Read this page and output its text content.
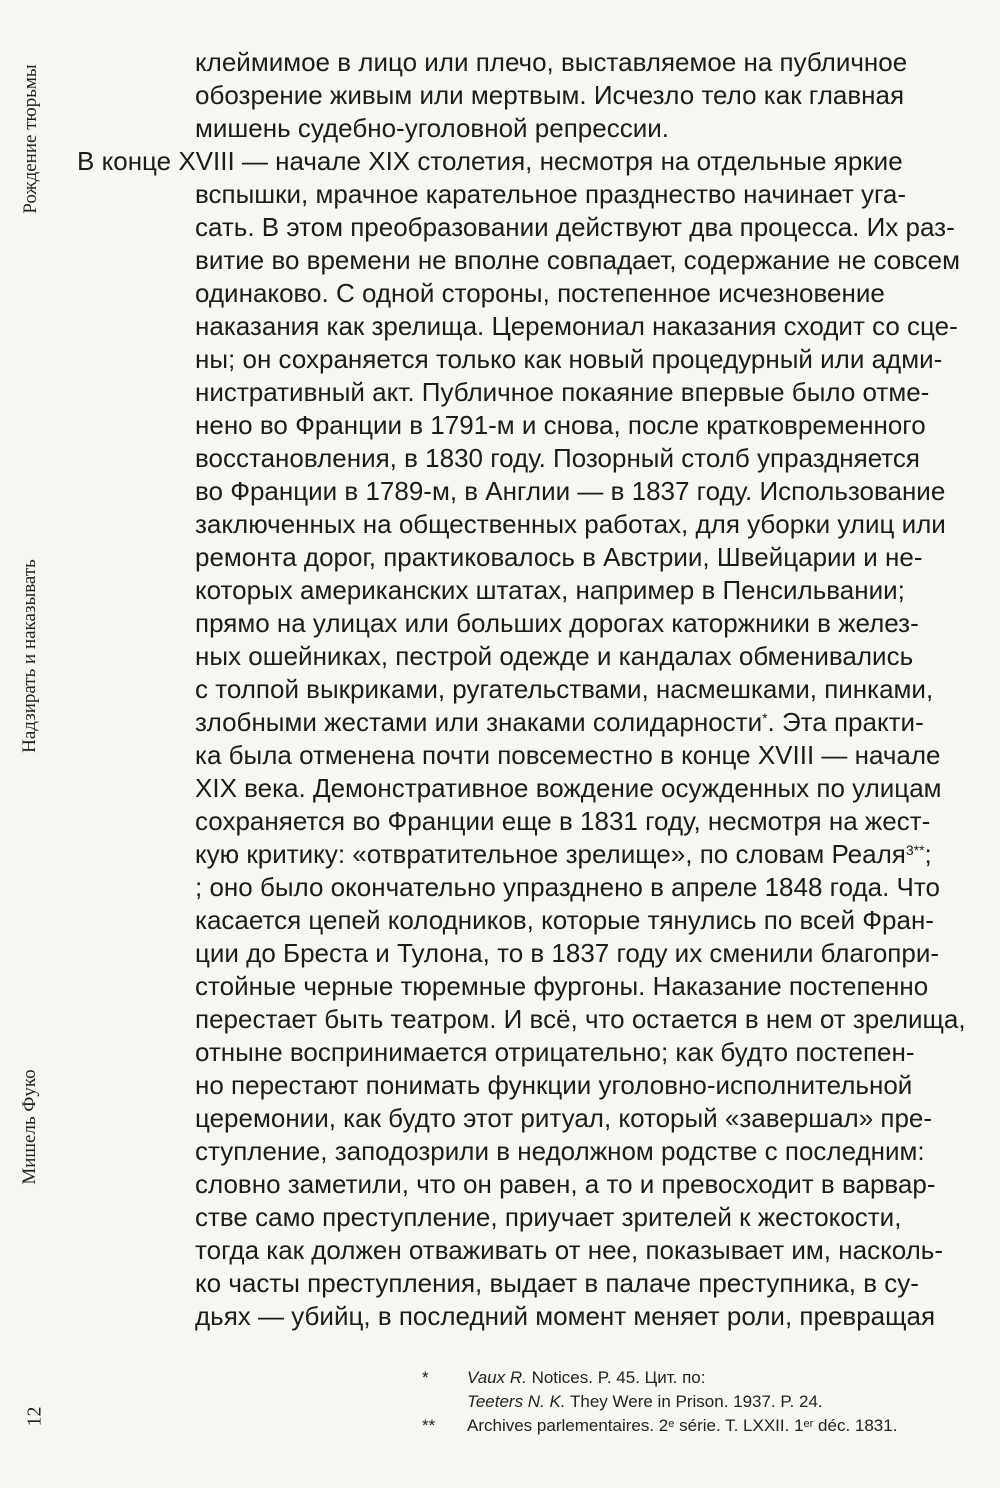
Рождение тюрьмы
Надзирать и наказывать
Мишель Фуко
12
клеймимое в лицо или плечо, выставляемое на публичное
обозрение живым или мертвым. Исчезло тело как главная
мишень судебно-уголовной репрессии.
В конце XVIII — начале XIX столетия, несмотря на отдельные яркие
вспышки, мрачное карательное празднество начинает уга-
сать. В этом преобразовании действуют два процесса. Их раз-
витие во времени не вполне совпадает, содержание не совсем
одинаково. С одной стороны, постепенное исчезновение
наказания как зрелища. Церемониал наказания сходит со сце-
ны; он сохраняется только как новый процедурный или адми-
нистративный акт. Публичное покаяние впервые было отме-
нено во Франции в 1791-м и снова, после кратковременного
восстановления, в 1830 году. Позорный столб упраздняется
во Франции в 1789-м, в Англии — в 1837 году. Использование
заключенных на общественных работах, для уборки улиц или
ремонта дорог, практиковалось в Австрии, Швейцарии и не-
которых американских штатах, например в Пенсильвании;
прямо на улицах или больших дорогах каторжники в желез-
ных ошейниках, пестрой одежде и кандалах обменивались
с толпой выкриками, ругательствами, насмешками, пинками,
злобными жестами или знаками солидарности*. Эта практи-
ка была отменена почти повсеместно в конце XVIII — начале
XIX века. Демонстративное вождение осужденных по улицам
сохраняется во Франции еще в 1831 году, несмотря на жест-
кую критику: «отвратительное зрелище», по словам Реаля$^{3**}$;
; оно было окончательно упразднено в апреле 1848 года. Что
касается цепей колодников, которые тянулись по всей Фран-
ции до Бреста и Тулона, то в 1837 году их сменили благопри-
стойные черные тюремные фургоны. Наказание постепенно
перестает быть театром. И всё, что остается в нем от зрелища,
отныне воспринимается отрицательно; как будто постепен-
но перестают понимать функции уголовно-исполнительной
церемонии, как будто этот ритуал, который «завершал» пре-
ступление, заподозрили в недолжном родстве с последним:
словно заметили, что он равен, а то и превосходит в варвар-
стве само преступление, приучает зрителей к жестокости,
тогда как должен отваживать от нее, показывает им, насколь-
ко часты преступления, выдает в палаче преступника, в су-
дьях — убийц, в последний момент меняет роли, превращая
* Vaux R. Notices. P. 45. Цит. по:
Teeters N. K. They Were in Prison. 1937. P. 24.
** Archives parlementaires. 2e série. T. LXXII. 1er déc. 1831.
